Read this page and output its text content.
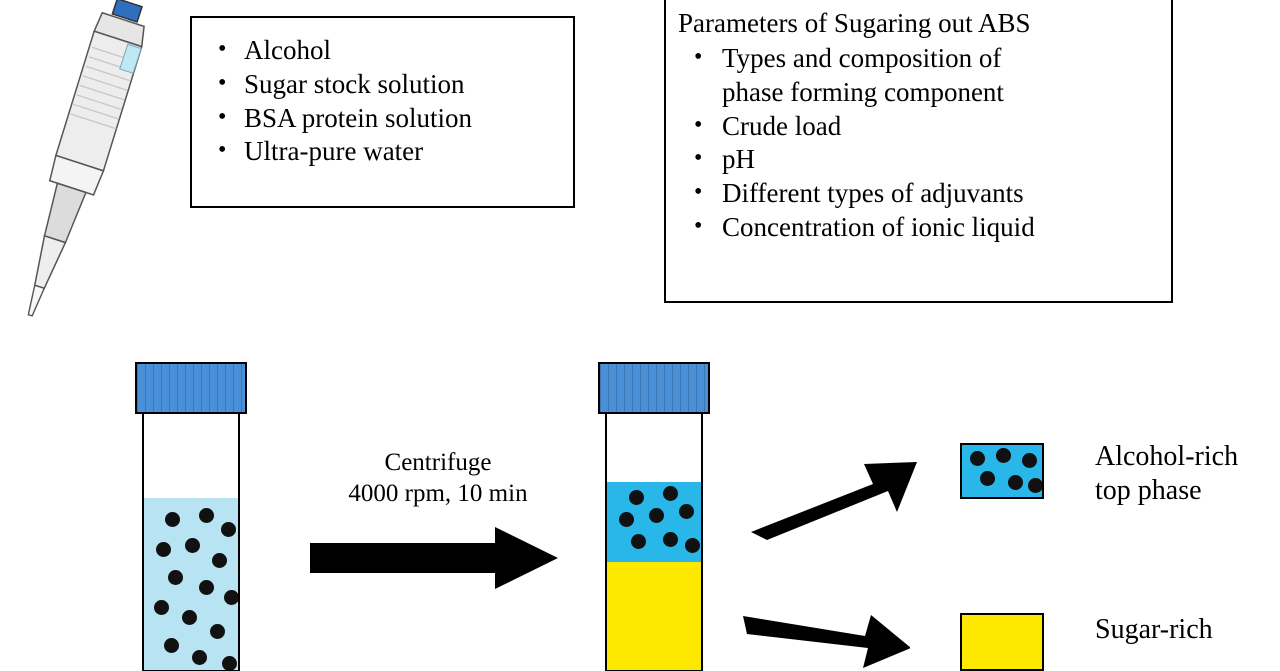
• Alcohol
• Sugar stock solution
• BSA protein solution
• Ultra-pure water
Parameters of Sugaring out ABS
• Types and composition of
phase forming component
• Crude load
• pH
• Different types of adjuvants
• Concentration of ionic liquid
Centrifuge
4000 rpm, 10 min
Alcohol-rich
top phase
Sugar-rich
